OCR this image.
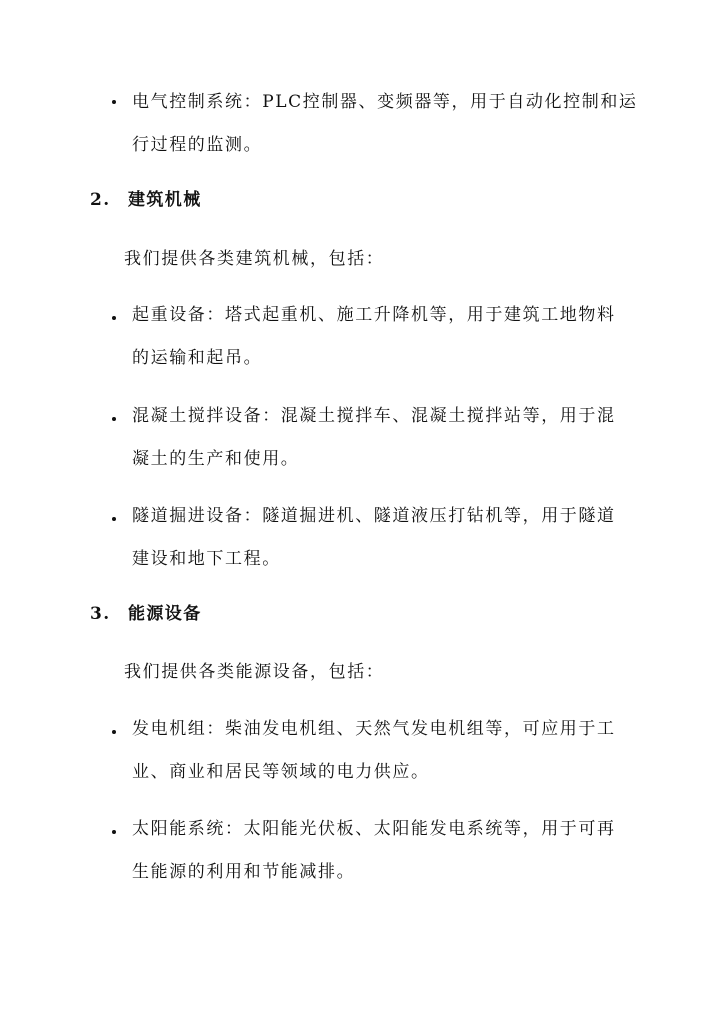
电气控制系统：PLC控制器、变频器等，用于自动化控制和运
行过程的监测。
2. 建筑机械
我们提供各类建筑机械，包括：
起重设备：塔式起重机、施工升降机等，用于建筑工地物料
的运输和起吊。
混凝土搅拌设备：混凝土搅拌车、混凝土搅拌站等，用于混
凝土的生产和使用。
隧道掘进设备：隧道掘进机、隧道液压打钻机等，用于隧道
建设和地下工程。
3. 能源设备
我们提供各类能源设备，包括：
发电机组：柴油发电机组、天然气发电机组等，可应用于工
业、商业和居民等领域的电力供应。
太阳能系统：太阳能光伏板、太阳能发电系统等，用于可再
生能源的利用和节能减排。
